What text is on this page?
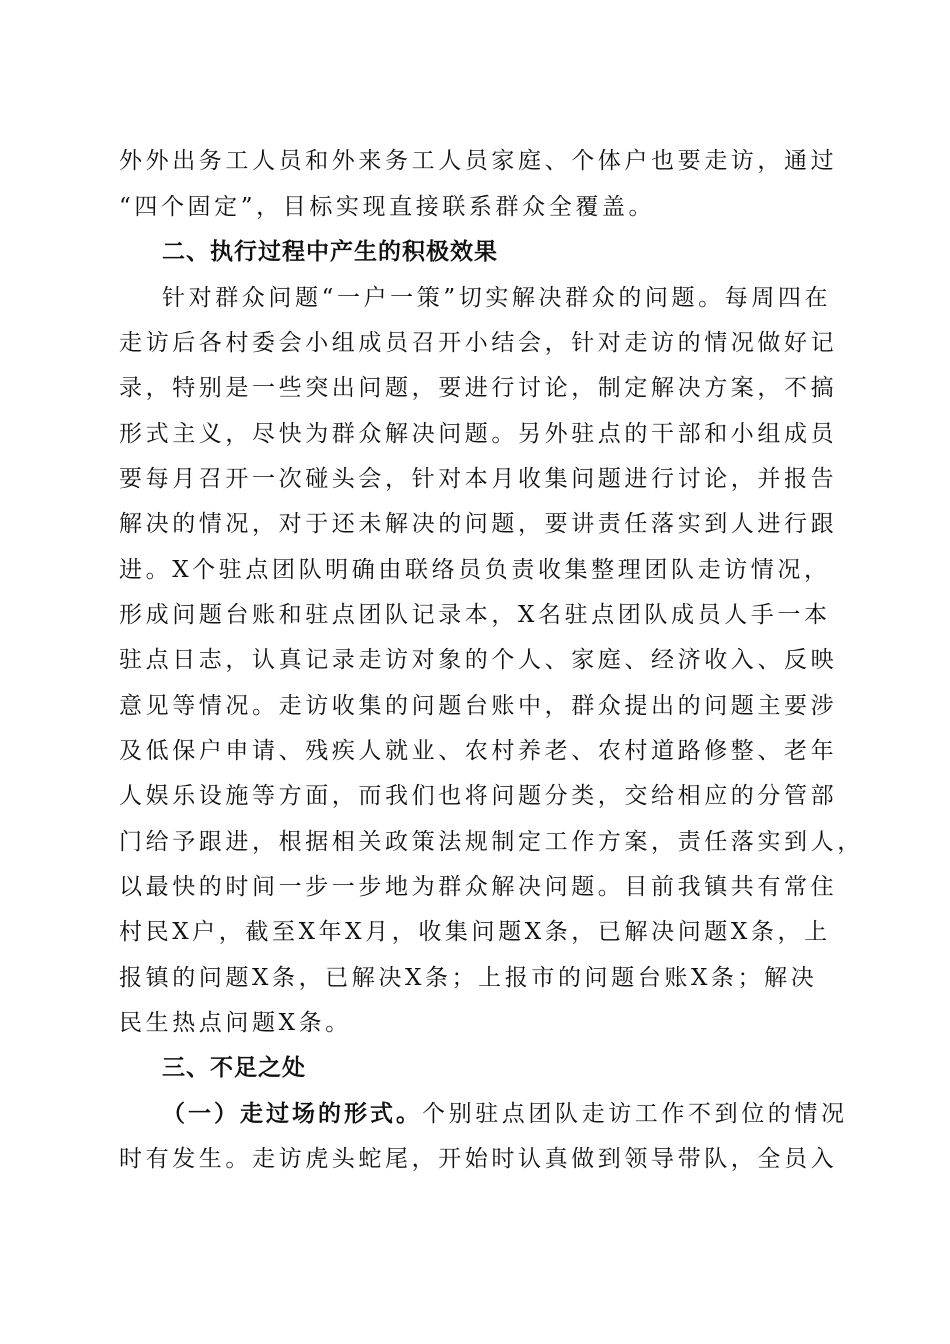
外外出务工人员和外来务工人员家庭、个体户也要走访，通过
“四个固定”，目标实现直接联系群众全覆盖。
二、执行过程中产生的积极效果
针对群众问题“一户一策”切实解决群众的问题。每周四在
走访后各村委会小组成员召开小结会，针对走访的情况做好记
录，特别是一些突出问题，要进行讨论，制定解决方案，不搞
形式主义，尽快为群众解决问题。另外驻点的干部和小组成员
要每月召开一次碰头会，针对本月收集问题进行讨论，并报告
解决的情况，对于还未解决的问题，要讲责任落实到人进行跟
进。X个驻点团队明确由联络员负责收集整理团队走访情况，
形成问题台账和驻点团队记录本，X名驻点团队成员人手一本
驻点日志，认真记录走访对象的个人、家庭、经济收入、反映
意见等情况。走访收集的问题台账中，群众提出的问题主要涉
及低保户申请、残疾人就业、农村养老、农村道路修整、老年
人娱乐设施等方面，而我们也将问题分类，交给相应的分管部
门给予跟进，根据相关政策法规制定工作方案，责任落实到人，
以最快的时间一步一步地为群众解决问题。目前我镇共有常住
村民X户，截至X年X月，收集问题X条，已解决问题X条，上
报镇的问题X条，已解决X条；上报市的问题台账X条；解决
民生热点问题X条。
三、不足之处
（一）走过场的形式。个别驻点团队走访工作不到位的情况
时有发生。走访虎头蛇尾，开始时认真做到领导带队，全员入
